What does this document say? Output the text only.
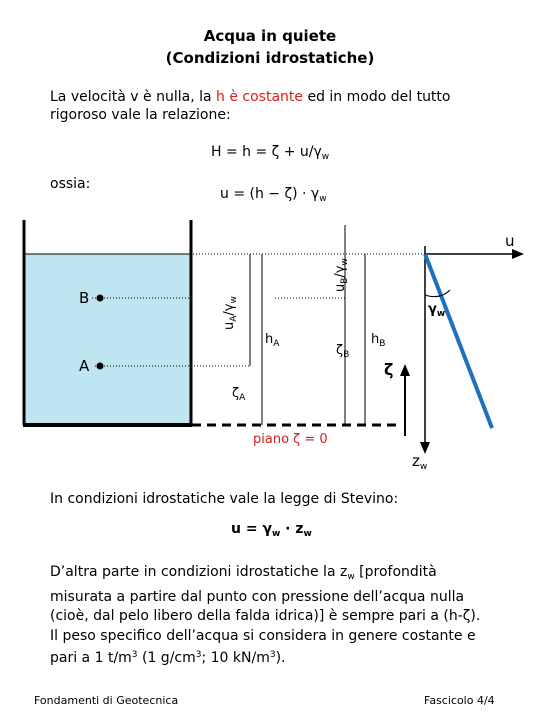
Acqua in quiete
(Condizioni idrostatiche)
La velocità v è nulla, la h è costante ed in modo del tutto
rigoroso vale la relazione:
$H = h = \zeta + u/\gamma_w$
ossia:
$u = (h - \zeta) \cdot \gamma_w$
B
A
$u_A/\gamma_w$
$u_B/\gamma_w$
$h_A$	$\zeta_B$
$h_B$
$\zeta_A$
ζ
piano ζ = 0
u
$\gamma_w$
$z_w$
In condizioni idrostatiche vale la legge di Stevino:
$u = \gamma_w \cdot z_w$
D’altra parte in condizioni idrostatiche la $z_w$ [profondità
misurata a partire dal punto con pressione dell’acqua nulla
(cioè, dal pelo libero della falda idrica)] è sempre pari a (h-ζ).
Il peso specifico dell’acqua si considera in genere costante e
pari a 1 $t/m^3$ (1 $g/cm^3$; 10 $kN/m^3$).
Fondamenti di Geotecnica	Fascicolo 4/4
